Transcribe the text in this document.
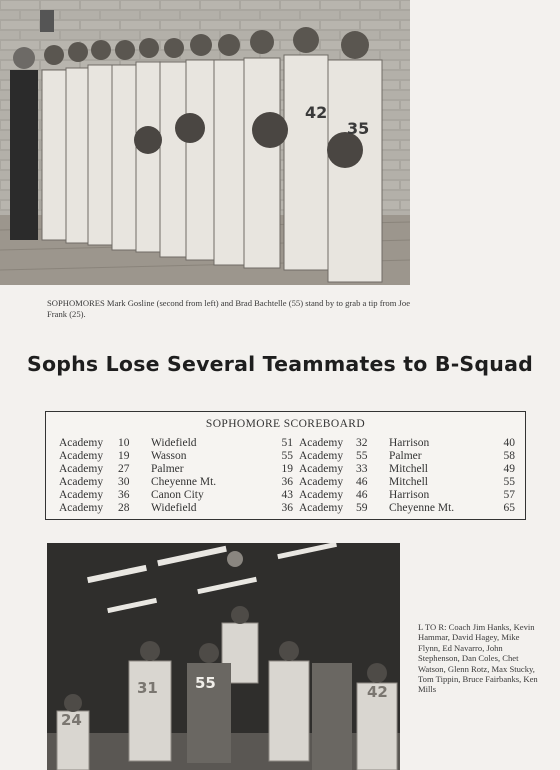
42
35
SOPHOMORES Mark Gosline (second from left) and Brad Bachtelle (55) stand by to grab a tip from Joe Frank (25).
Sophs Lose Several Teammates to B-Squad
SOPHOMORE SCOREBOARD
Academy 10 Widefield	51 Academy 32 Harrison	40
Academy 19 Wasson	55 Academy 55 Palmer	58
Academy 27 Palmer	19 Academy 33 Mitchell	49
Academy 30 Cheyenne Mt.	36 Academy 46 Mitchell	55
Academy 36 Canon City	43 Academy 46 Harrison	57
Academy 28 Widefield	36 Academy 59 Cheyenne Mt.	65
55
31
24
42
L TO R: Coach Jim Hanks, Kevin Hammar, David Hagey, Mike Flynn, Ed Navarro, John Stephenson, Dan Coles, Chet Watson, Glenn Rotz, Max Stucky, Tom Tippin, Bruce Fairbanks, Ken Mills
